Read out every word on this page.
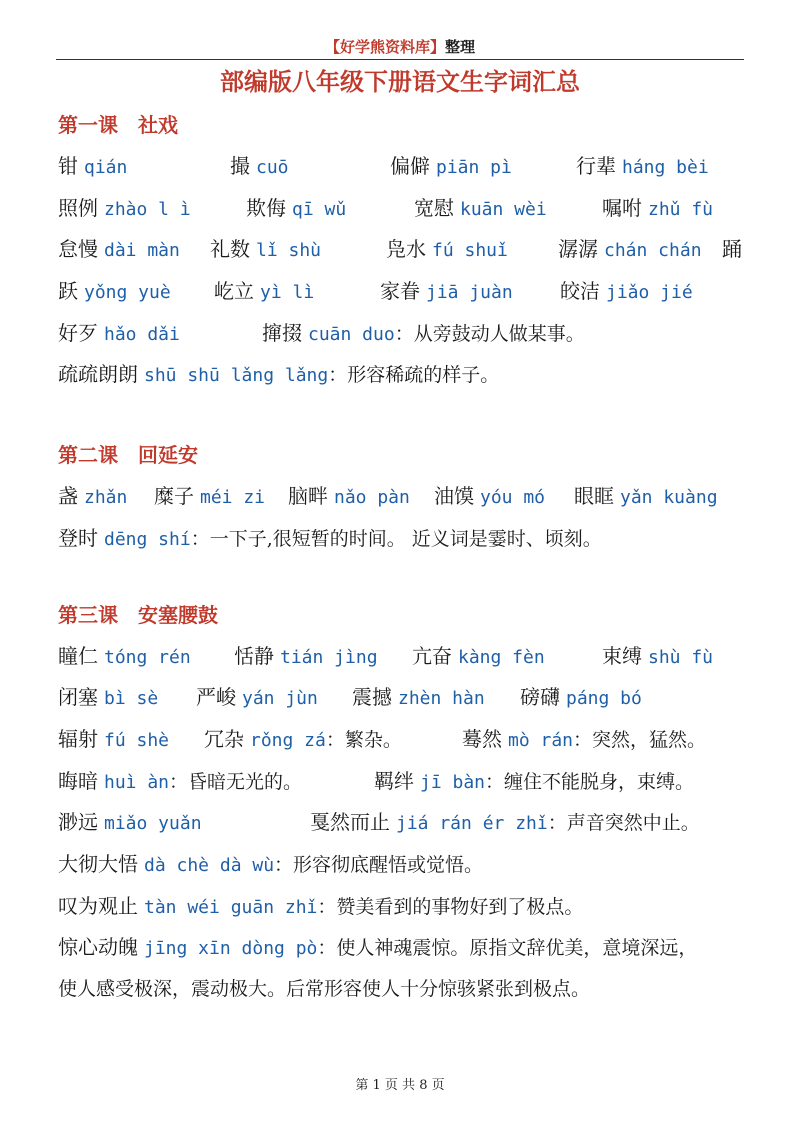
【好学熊资料库】整理
部编版八年级下册语文生字词汇总
第一课　社戏
钳 qián	撮 cuō	偏僻 piān pì	行辈 háng bèi
照例 zhào l ì	欺侮 qī wǔ	宽慰 kuān wèi	嘱咐 zhǔ fù
怠慢 dài màn 礼数 lǐ shù	凫水 fú shuǐ	潺潺 chán chán 踊
跃 yǒng yuè 屹立 yì lì	家眷 jiā juàn 皎洁 jiǎo jié
好歹 hǎo dǎi	撺掇 cuān duo：从旁鼓动人做某事。
疏疏朗朗 shū shū lǎng lǎng：形容稀疏的样子。
第二课　回延安
盏 zhǎn 糜子 méi zi 脑畔 nǎo pàn 油馍 yóu mó 眼眶 yǎn kuàng
登时 dēng shí：一下子,很短暂的时间。 近义词是霎时、顷刻。
第三课　安塞腰鼓
瞳仁 tóng rén 恬静 tián jìng 亢奋 kàng fèn	束缚 shù fù
闭塞 bì sè 严峻 yán jùn 震撼 zhèn hàn 磅礴 páng bó
辐射 fú shè 冗杂 rǒng zá：繁杂。	蓦然 mò rán：突然，猛然。
晦暗 huì àn：昏暗无光的。	羁绊 jī bàn：缠住不能脱身，束缚。
渺远 miǎo yuǎn	戛然而止 jiá rán ér zhǐ：声音突然中止。
大彻大悟 dà chè dà wù：形容彻底醒悟或觉悟。
叹为观止 tàn wéi guān zhǐ：赞美看到的事物好到了极点。
惊心动魄 jīng xīn dòng pò：使人神魂震惊。原指文辞优美，意境深远，
使人感受极深，震动极大。后常形容使人十分惊骇紧张到极点。
第 1 页 共 8 页
